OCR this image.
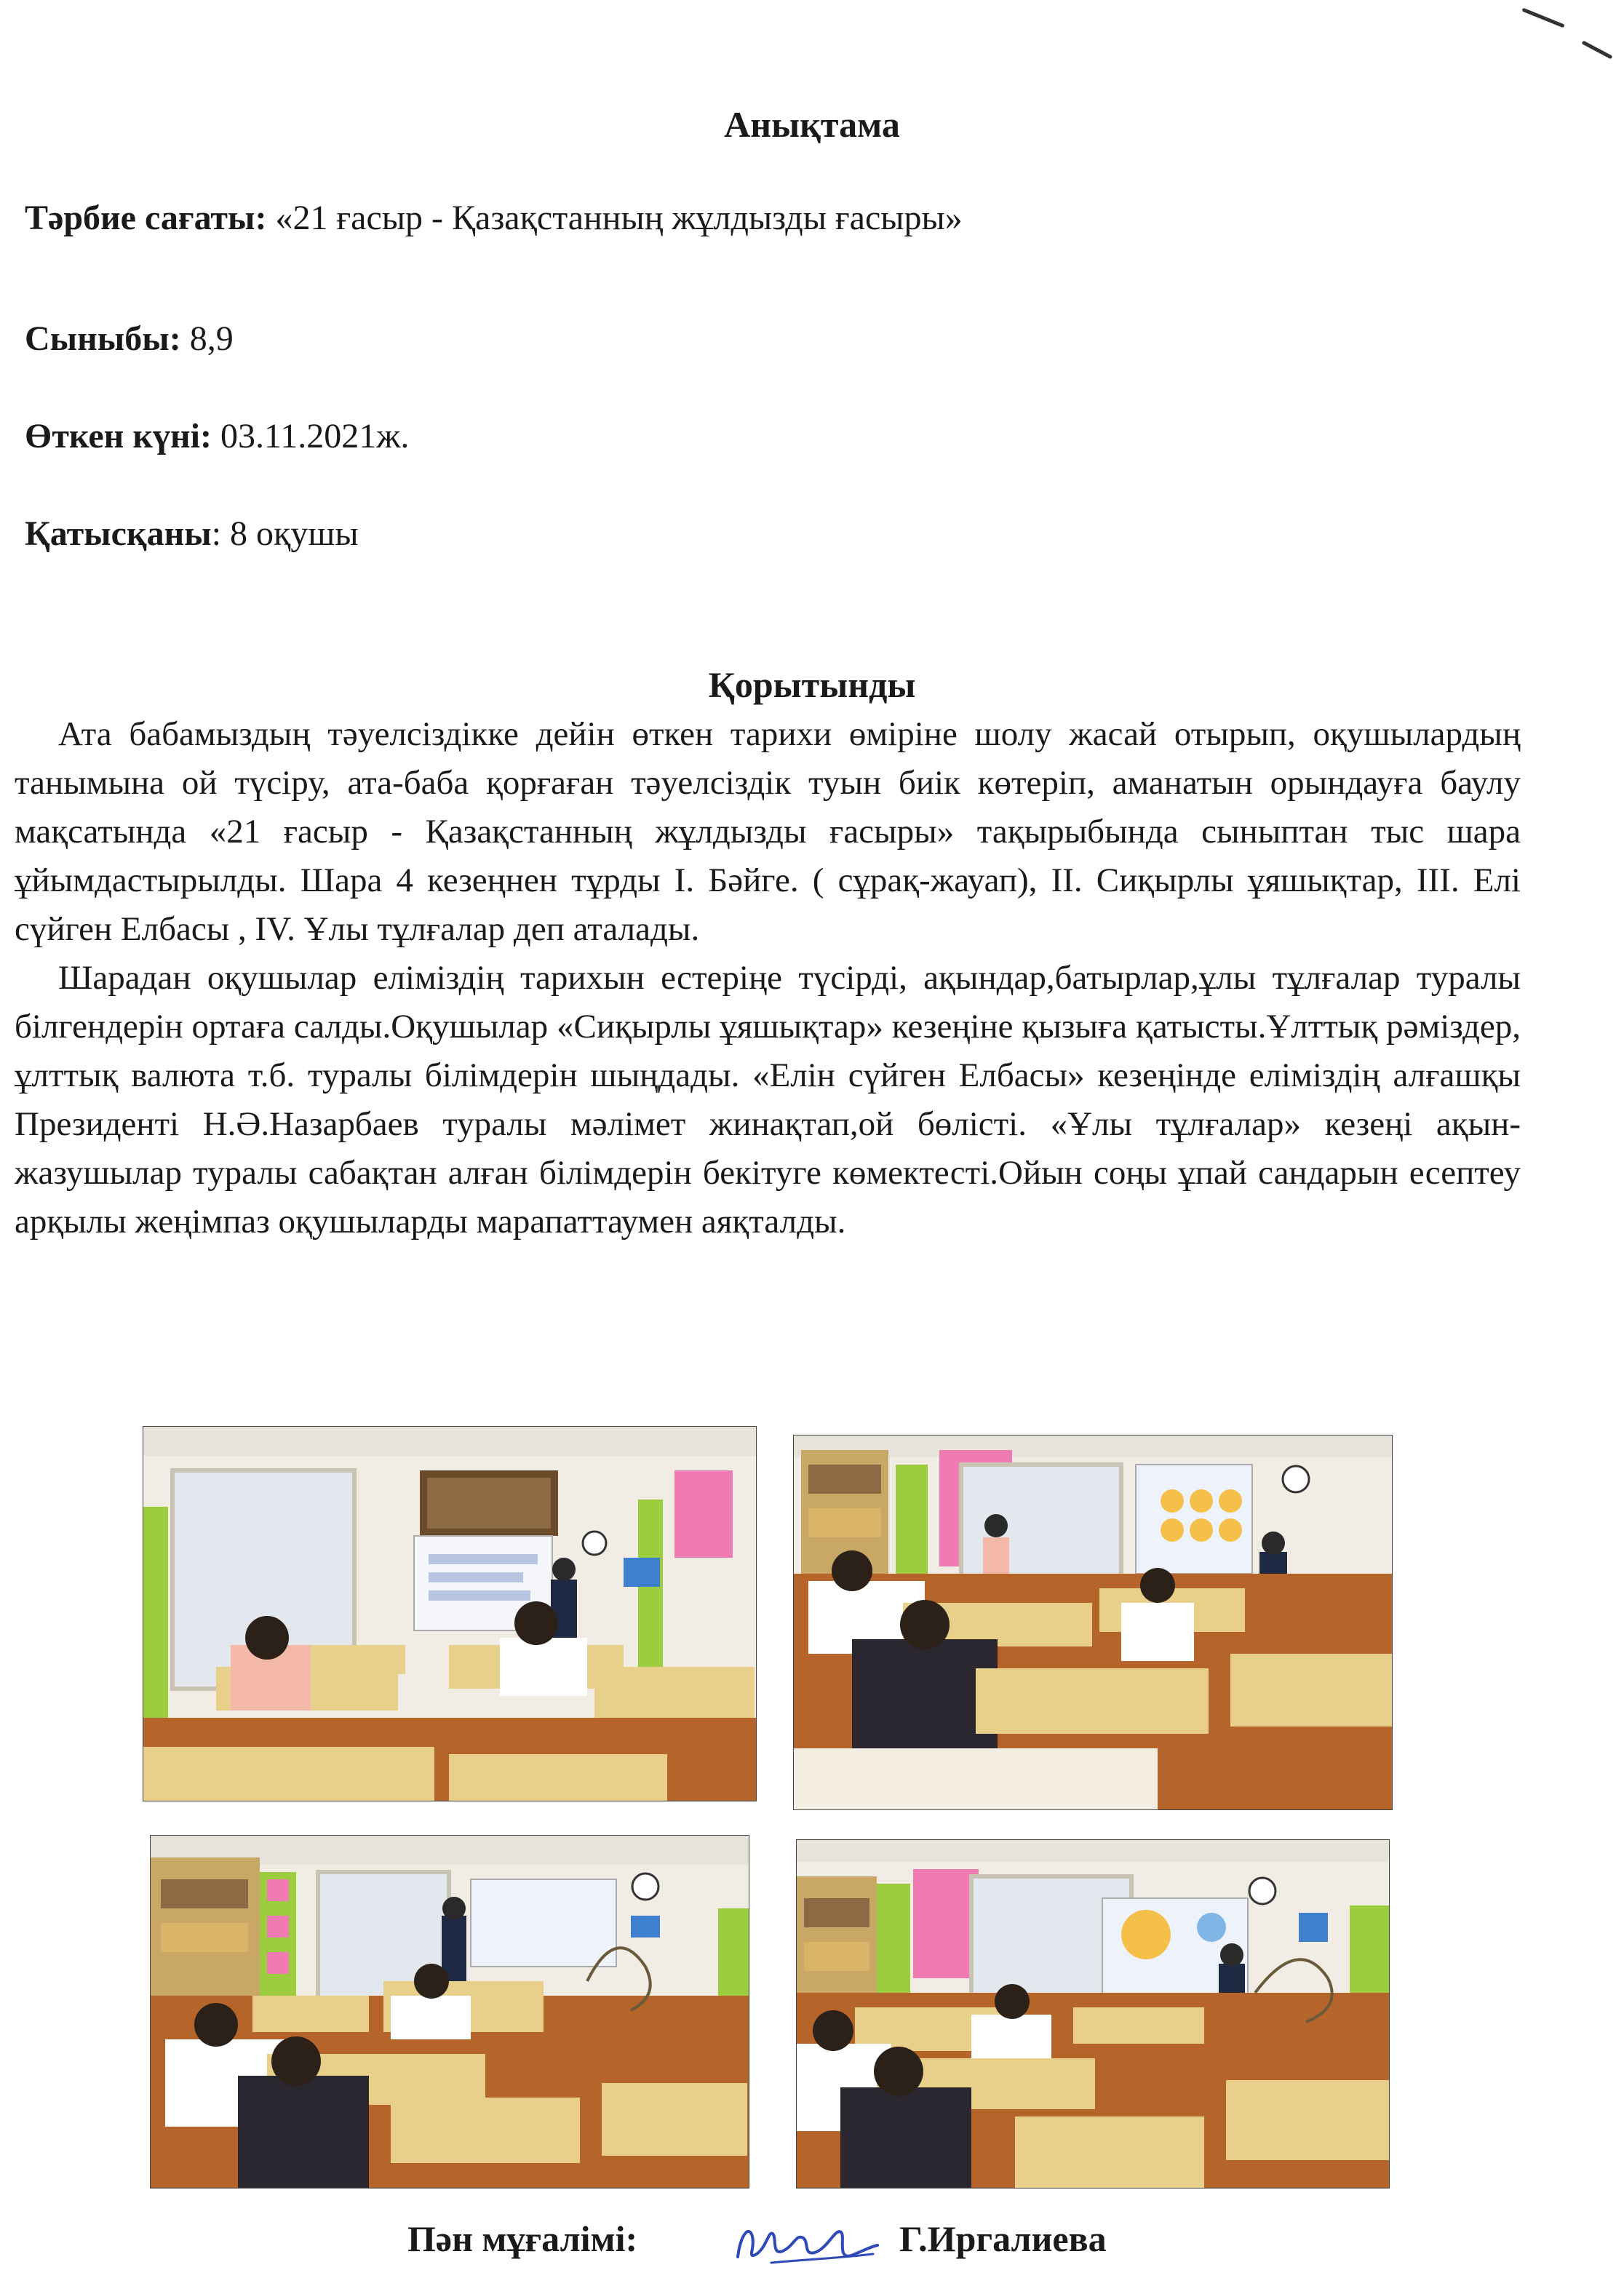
Анықтама
Тәрбие сағаты: «21 ғасыр - Қазақстанның жұлдызды ғасыры»
Сыныбы: 8,9
Өткен күні: 03.11.2021ж.
Қатысқаны: 8 оқушы
Қорытынды

Ата бабамыздың тәуелсіздікке дейін өткен тарихи өміріне шолу жасай отырып, оқушылардың танымына ой түсіру, ата-баба қорғаған тәуелсіздік туын биік көтеріп, аманатын орындауға баулу мақсатында «21 ғасыр - Қазақстанның жұлдызды ғасыры» тақырыбында сыныптан тыс шара ұйымдастырылды. Шара 4 кезеңнен тұрды І. Бәйге. ( сұрақ-жауап), ІІ. Сиқырлы ұяшықтар, ІІІ. Елі сүйген Елбасы , ІV. Ұлы тұлғалар деп аталады.

Шарадан оқушылар еліміздің тарихын естеріңе түсірді, ақындар,батырлар,ұлы тұлғалар туралы білгендерін ортаға салды.Оқушылар «Сиқырлы ұяшықтар» кезеңіне қызыға қатысты.Ұлттық рәміздер, ұлттық валюта т.б. туралы білімдерін шыңдады. «Елін сүйген Елбасы» кезеңінде еліміздің алғашқы Президенті Н.Ә.Назарбаев туралы мәлімет жинақтап,ой бөлісті. «Ұлы тұлғалар» кезеңі ақын-жазушылар туралы сабақтан алған білімдерін бекітуге көмектесті.Ойын соңы ұпай сандарын есептеу арқылы жеңімпаз оқушыларды марапаттаумен аяқталды.

Пән мұғалімі:	Г.Иргалиева
